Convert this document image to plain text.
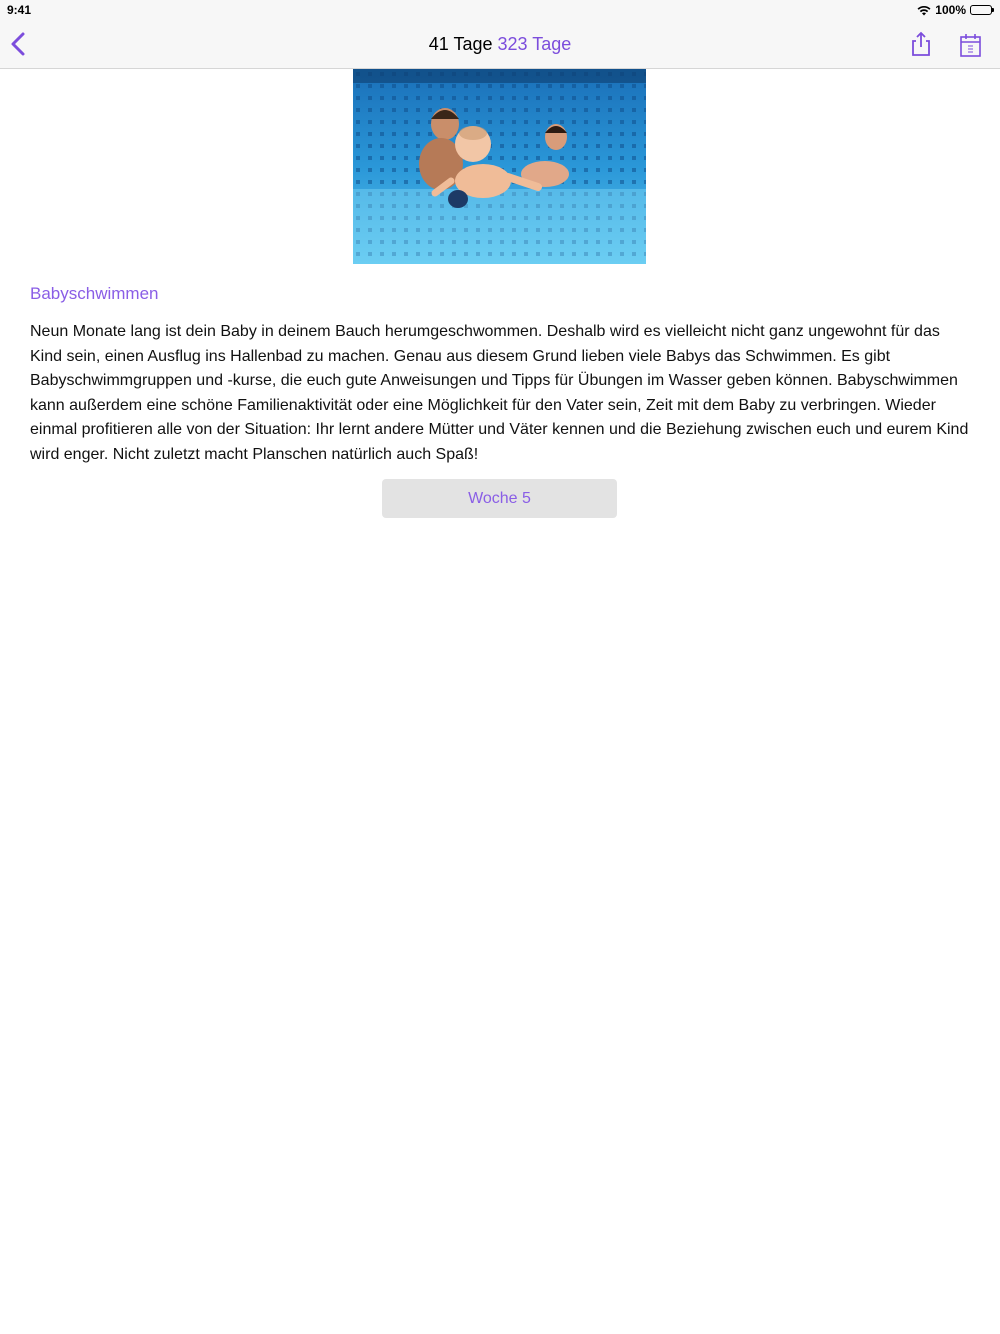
9:41	100%
41 Tage 323 Tage
Babyschwimmen
Neun Monate lang ist dein Baby in deinem Bauch herumgeschwommen. Deshalb wird es vielleicht nicht ganz ungewohnt für das Kind sein, einen Ausflug ins Hallenbad zu machen. Genau aus diesem Grund lieben viele Babys das Schwimmen. Es gibt Babyschwimmgruppen und -kurse, die euch gute Anweisungen und Tipps für Übungen im Wasser geben können. Babyschwimmen kann außerdem eine schöne Familienaktivität oder eine Möglichkeit für den Vater sein, Zeit mit dem Baby zu verbringen. Wieder einmal profitieren alle von der Situation: Ihr lernt andere Mütter und Väter kennen und die Beziehung zwischen euch und eurem Kind wird enger. Nicht zuletzt macht Planschen natürlich auch Spaß!
Woche 5
